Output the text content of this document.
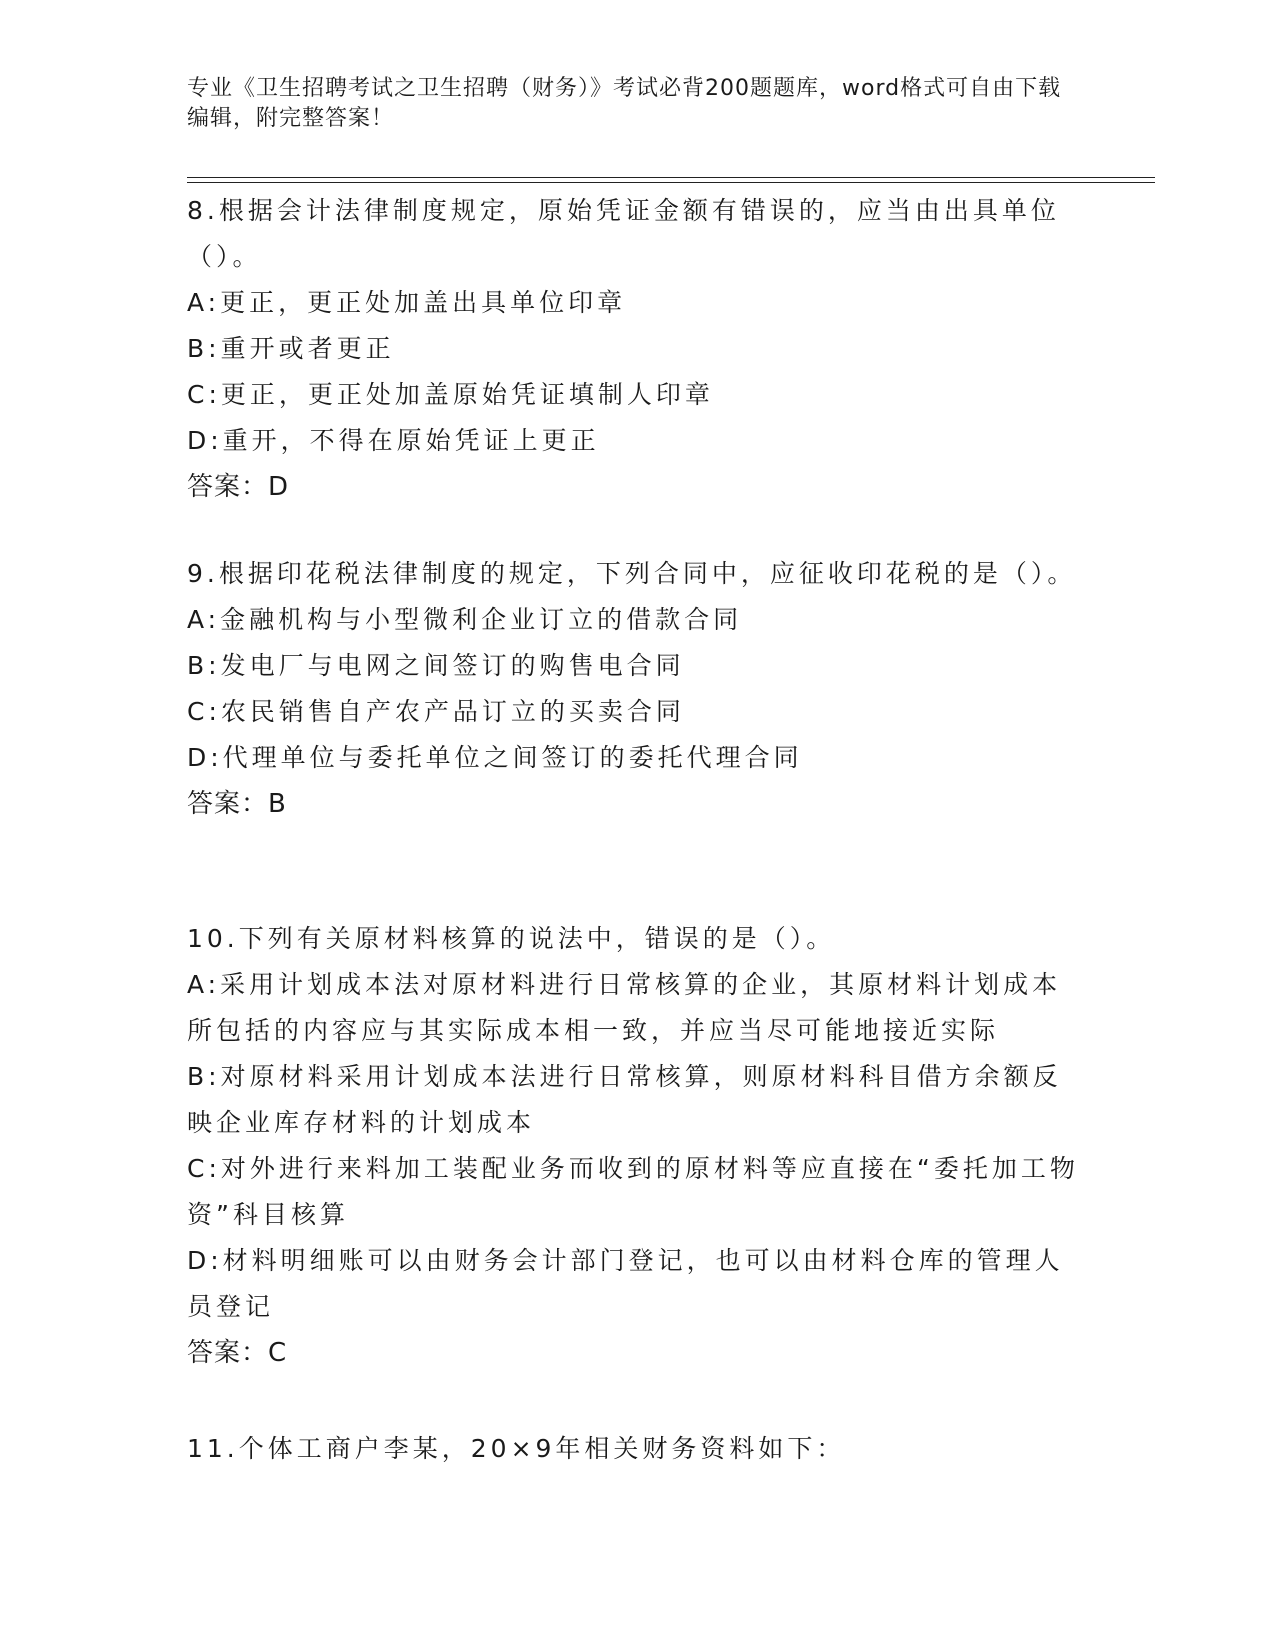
专业《卫生招聘考试之卫生招聘（财务）》考试必背200题题库，word格式可自由下载编辑，附完整答案！

8.根据会计法律制度规定，原始凭证金额有错误的，应当由出具单位（）。

A:更正，更正处加盖出具单位印章

B:重开或者更正

C:更正，更正处加盖原始凭证填制人印章

D:重开，不得在原始凭证上更正

答案：D

9.根据印花税法律制度的规定，下列合同中，应征收印花税的是（）。

A:金融机构与小型微利企业订立的借款合同

B:发电厂与电网之间签订的购售电合同

C:农民销售自产农产品订立的买卖合同

D:代理单位与委托单位之间签订的委托代理合同

答案：B

10.下列有关原材料核算的说法中，错误的是（）。

A:采用计划成本法对原材料进行日常核算的企业，其原材料计划成本所包括的内容应与其实际成本相一致，并应当尽可能地接近实际

B:对原材料采用计划成本法进行日常核算，则原材料科目借方余额反映企业库存材料的计划成本

C:对外进行来料加工装配业务而收到的原材料等应直接在“委托加工物资”科目核算

D:材料明细账可以由财务会计部门登记，也可以由材料仓库的管理人员登记

答案：C

11.个体工商户李某，20×9年相关财务资料如下：
